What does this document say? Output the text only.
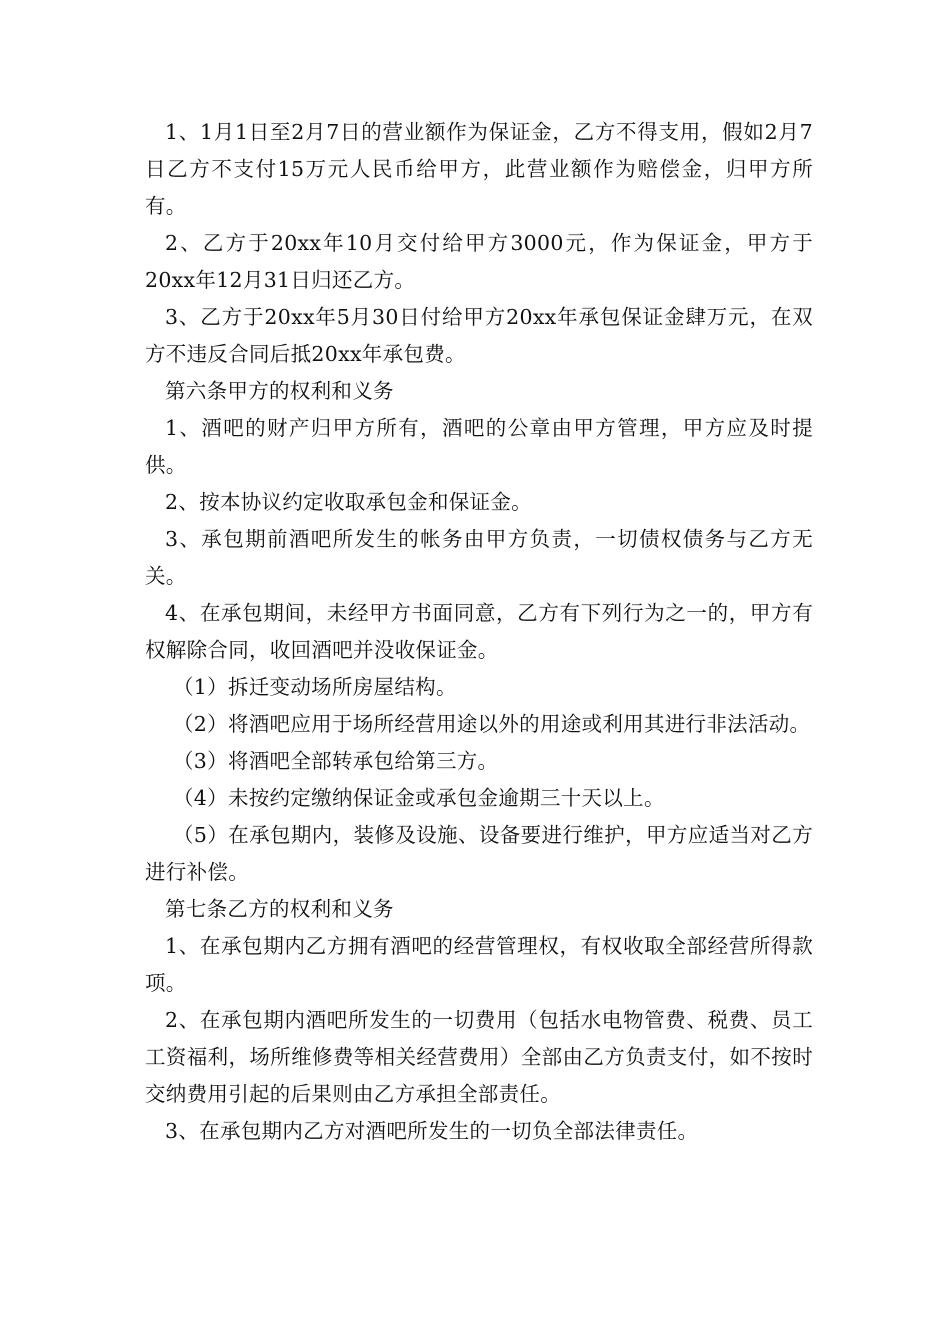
1、1月1日至2月7日的营业额作为保证金，乙方不得支用，假如2月7日乙方不支付15万元人民币给甲方，此营业额作为赔偿金，归甲方所有。

2、乙方于20xx年10月交付给甲方3000元，作为保证金，甲方于20xx年12月31日归还乙方。

3、乙方于20xx年5月30日付给甲方20xx年承包保证金肆万元，在双方不违反合同后抵20xx年承包费。

第六条甲方的权利和义务

1、酒吧的财产归甲方所有，酒吧的公章由甲方管理，甲方应及时提供。

2、按本协议约定收取承包金和保证金。

3、承包期前酒吧所发生的帐务由甲方负责，一切债权债务与乙方无关。

4、在承包期间，未经甲方书面同意，乙方有下列行为之一的，甲方有权解除合同，收回酒吧并没收保证金。

（1）拆迁变动场所房屋结构。

（2）将酒吧应用于场所经营用途以外的用途或利用其进行非法活动。

（3）将酒吧全部转承包给第三方。

（4）未按约定缴纳保证金或承包金逾期三十天以上。

（5）在承包期内，装修及设施、设备要进行维护，甲方应适当对乙方进行补偿。

第七条乙方的权利和义务

1、在承包期内乙方拥有酒吧的经营管理权，有权收取全部经营所得款项。

2、在承包期内酒吧所发生的一切费用（包括水电物管费、税费、员工工资福利，场所维修费等相关经营费用）全部由乙方负责支付，如不按时交纳费用引起的后果则由乙方承担全部责任。

3、在承包期内乙方对酒吧所发生的一切负全部法律责任。
